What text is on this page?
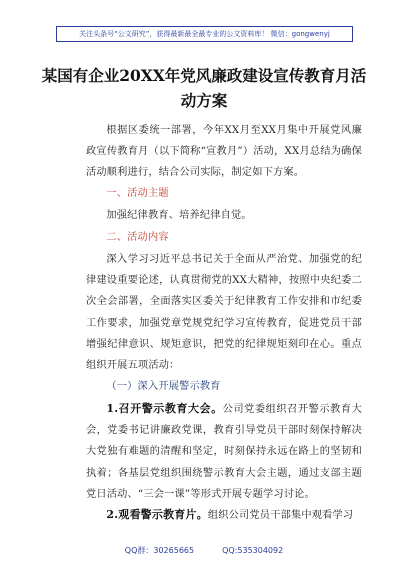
关注头条号“公文研究”，获得最新最全最专业的公文资料库！ 微信：gongwenyj
某国有企业20XX年党风廉政建设宣传教育月活动方案
根据区委统一部署，今年XX月至XX月集中开展党风廉政宣传教育月（以下简称“宣教月”）活动，XX月总结为确保活动顺利进行，结合公司实际，制定如下方案。
一、活动主题
加强纪律教育、培养纪律自觉。
二、活动内容
深入学习习近平总书记关于全面从严治党、加强党的纪律建设重要论述，认真贯彻党的XX大精神，按照中央纪委二次全会部署，全面落实区委关于纪律教育工作安排和市纪委工作要求，加强党章党规党纪学习宣传教育，促进党员干部增强纪律意识、规矩意识，把党的纪律规矩刻印在心。重点组织开展五项活动：
（一）深入开展警示教育
1.召开警示教育大会。公司党委组织召开警示教育大会，党委书记讲廉政党课，教育引导党员干部时刻保持解决大党独有难题的清醒和坚定，时刻保持永远在路上的坚韧和执着；各基层党组织围绕警示教育大会主题，通过支部主题党日活动、“三会一课”等形式开展专题学习讨论。
2.观看警示教育片。组织公司党员干部集中观看学习
QQ群：30265665	QQ:535304092
